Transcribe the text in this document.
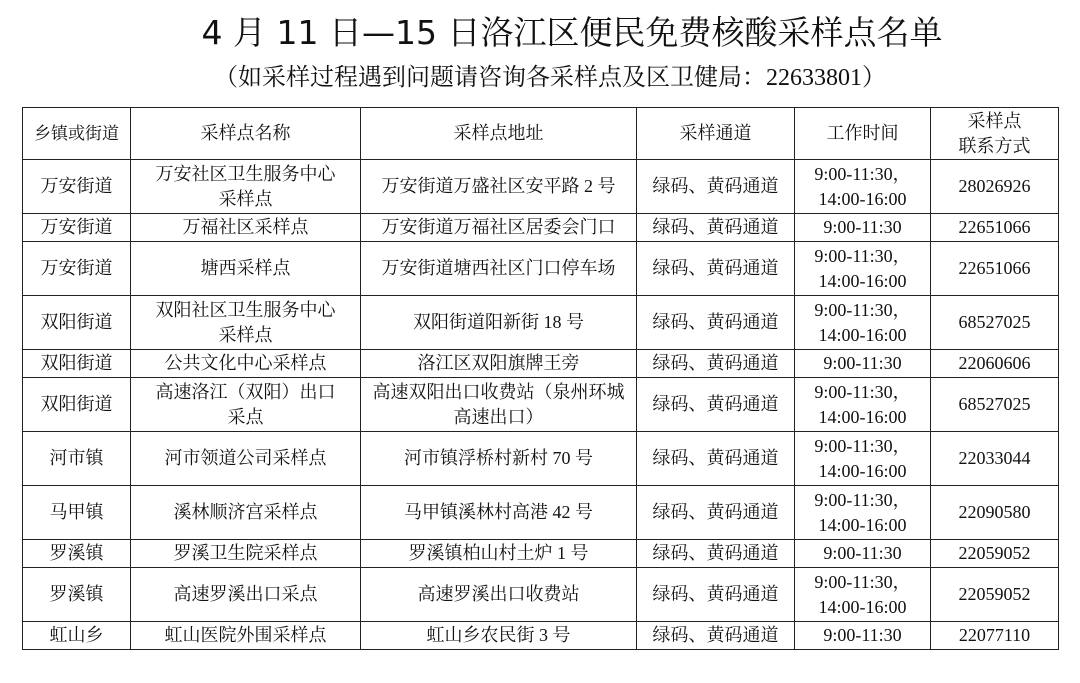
4 月 11 日—15 日洛江区便民免费核酸采样点名单
（如采样过程遇到问题请咨询各采样点及区卫健局：22633801）
乡镇或街道	采样点名称	采样点地址	采样通道	工作时间	采样点
联系方式
万安街道	万安社区卫生服务中心
采样点	万安街道万盛社区安平路 2 号	绿码、黄码通道	9:00-11:30，
14:00-16:00	28026926
万安街道	万福社区采样点	万安街道万福社区居委会门口	绿码、黄码通道	9:00-11:30	22651066
万安街道	塘西采样点	万安街道塘西社区门口停车场	绿码、黄码通道	9:00-11:30，
14:00-16:00	22651066
双阳街道	双阳社区卫生服务中心
采样点	双阳街道阳新街 18 号	绿码、黄码通道	9:00-11:30，
14:00-16:00	68527025
双阳街道	公共文化中心采样点	洛江区双阳旗牌王旁	绿码、黄码通道	9:00-11:30	22060606
双阳街道	高速洛江（双阳）出口
采点	高速双阳出口收费站（泉州环城
高速出口）	绿码、黄码通道	9:00-11:30，
14:00-16:00	68527025
河市镇	河市领道公司采样点	河市镇浮桥村新村 70 号	绿码、黄码通道	9:00-11:30，
14:00-16:00	22033044
马甲镇	溪林顺济宫采样点	马甲镇溪林村高港 42 号	绿码、黄码通道	9:00-11:30，
14:00-16:00	22090580
罗溪镇	罗溪卫生院采样点	罗溪镇柏山村土炉 1 号	绿码、黄码通道	9:00-11:30	22059052
罗溪镇	高速罗溪出口采点	高速罗溪出口收费站	绿码、黄码通道	9:00-11:30，
14:00-16:00	22059052
虹山乡	虹山医院外围采样点	虹山乡农民街 3 号	绿码、黄码通道	9:00-11:30	22077110
